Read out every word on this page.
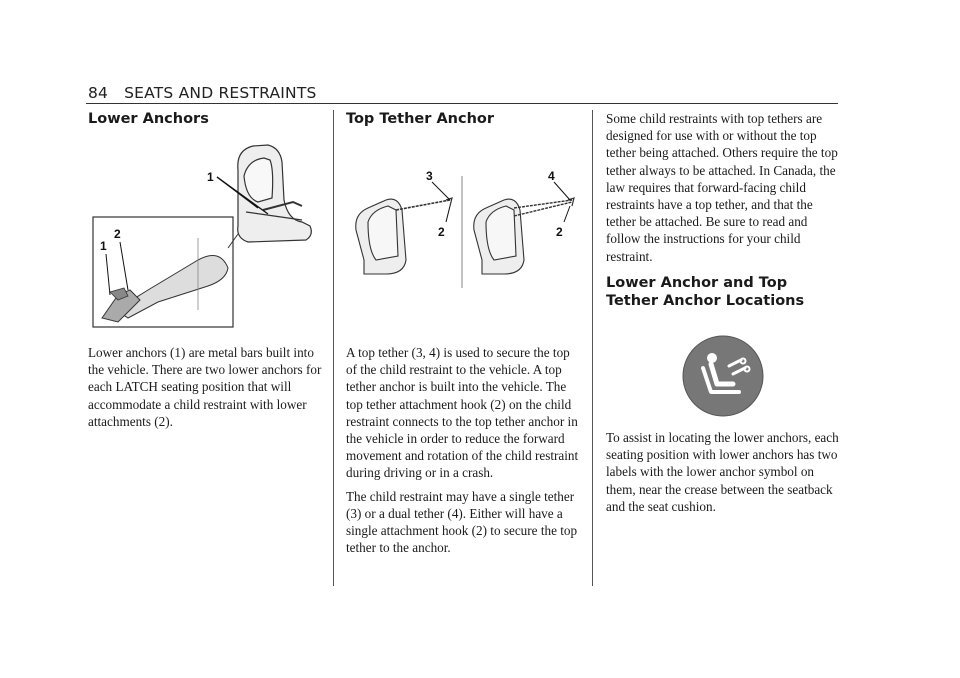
84 SEATS AND RESTRAINTS
Lower Anchors
1
2
1

Lower anchors (1) are metal bars built into the vehicle. There are two lower anchors for each LATCH seating position that will accommodate a child restraint with lower attachments (2).

Top Tether Anchor
3
2
4
2

A top tether (3, 4) is used to secure the top of the child restraint to the vehicle. A top tether anchor is built into the vehicle. The top tether attachment hook (2) on the child restraint connects to the top tether anchor in the vehicle in order to reduce the forward movement and rotation of the child restraint during driving or in a crash.

The child restraint may have a single tether (3) or a dual tether (4). Either will have a single attachment hook (2) to secure the top tether to the anchor.

Some child restraints with top tethers are designed for use with or without the top tether being attached. Others require the top tether always to be attached. In Canada, the law requires that forward-facing child restraints have a top tether, and that the tether be attached. Be sure to read and follow the instructions for your child restraint.

Lower Anchor and Top Tether Anchor Locations

To assist in locating the lower anchors, each seating position with lower anchors has two labels with the lower anchor symbol on them, near the crease between the seatback and the seat cushion.
